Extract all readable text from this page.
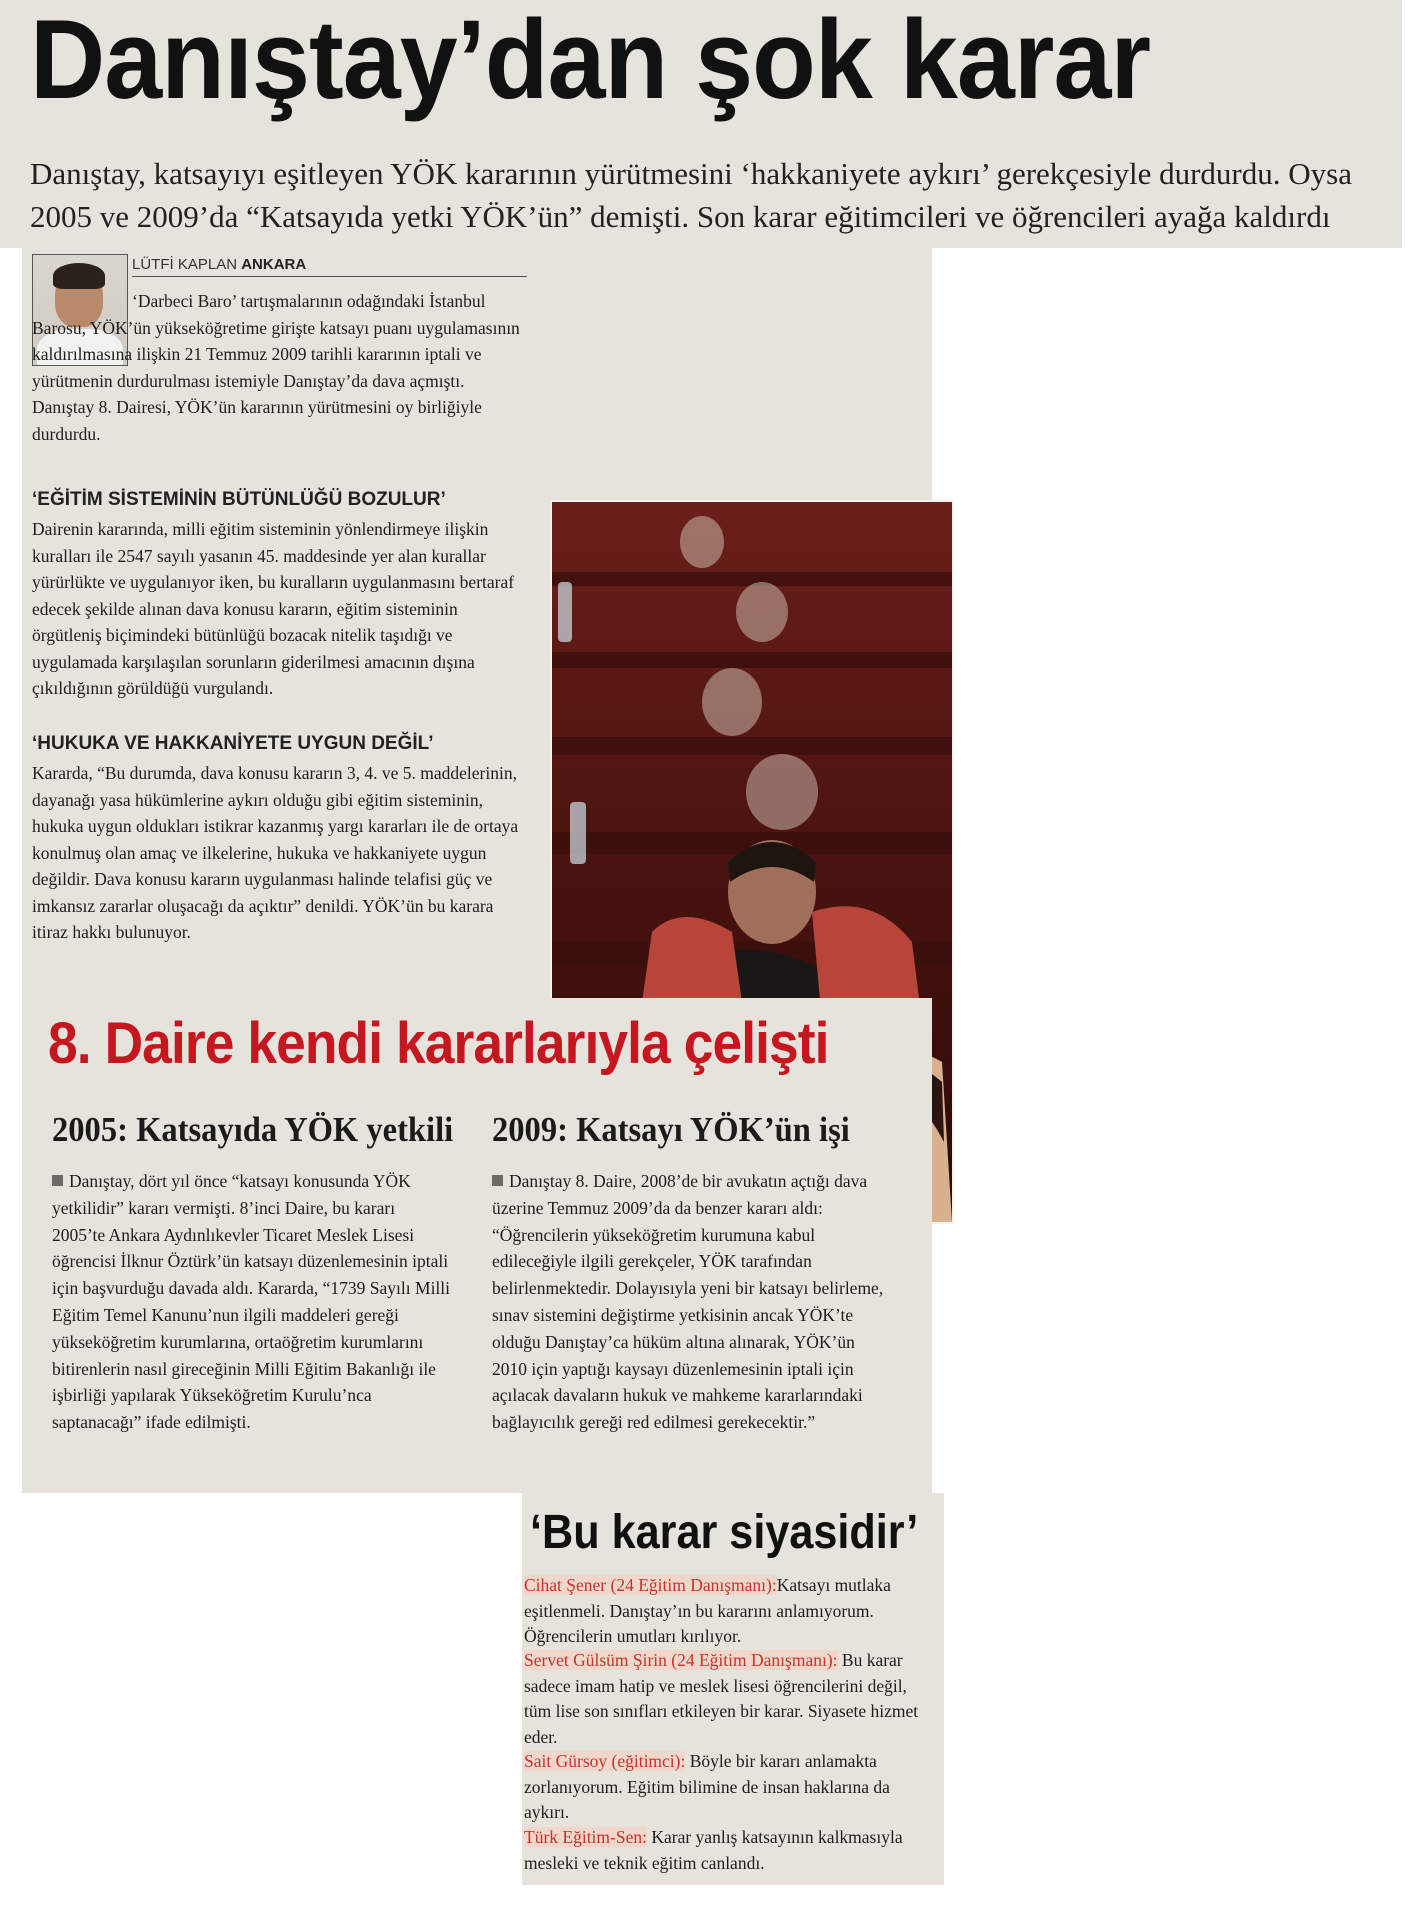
Danıştay’dan şok karar

Danıştay, katsayıyı eşitleyen YÖK kararının yürütmesini ‘hakkaniyete aykırı’ gerekçesiyle durdurdu. Oysa 2005 ve 2009’da “Katsayıda yetki YÖK’ün” demişti. Son karar eğitimcileri ve öğrencileri ayağa kaldırdı

LÜTFİ KAPLAN ANKARA

‘Darbeci Baro’ tartışmalarının odağındaki İstanbul Barosu, YÖK’ün yükseköğretime girişte katsayı puanı uygulamasının kaldırılmasına ilişkin 21 Temmuz 2009 tarihli kararının iptali ve yürütmenin durdurulması istemiyle Danıştay’da dava açmıştı. Danıştay 8. Dairesi, YÖK’ün kararının yürütmesini oy birliğiyle durdurdu.

‘EĞİTİM SİSTEMİNİN BÜTÜNLÜĞÜ BOZULUR’

Dairenin kararında, milli eğitim sisteminin yönlendirmeye ilişkin kuralları ile 2547 sayılı yasanın 45. maddesinde yer alan kurallar yürürlükte ve uygulanıyor iken, bu kuralların uygulanmasını bertaraf edecek şekilde alınan dava konusu kararın, eğitim sisteminin örgütleniş biçimindeki bütünlüğü bozacak nitelik taşıdığı ve uygulamada karşılaşılan sorunların giderilmesi amacının dışına çıkıldığının görüldüğü vurgulandı.

‘HUKUKA VE HAKKANİYETE UYGUN DEĞİL’

Kararda, “Bu durumda, dava konusu kararın 3, 4. ve 5. maddelerinin, dayanağı yasa hükümlerine aykırı olduğu gibi eğitim sisteminin, hukuka uygun oldukları istikrar kazanmış yargı kararları ile de ortaya konulmuş olan amaç ve ilkelerine, hukuka ve hakkaniyete uygun değildir. Dava konusu kararın uygulanması halinde telafisi güç ve imkansız zararlar oluşacağı da açıktır” denildi. YÖK’ün bu karara itiraz hakkı bulunuyor.

8. Daire kendi kararlarıyla çelişti
2005: Katsayıda YÖK yetkili 2009: Katsayı YÖK’ün işi

Danıştay, dört yıl önce “katsayı konusunda YÖK yetkilidir” kararı vermişti. 8’inci Daire, bu kararı 2005’te Ankara Aydınlıkevler Ticaret Meslek Lisesi öğrencisi İlknur Öztürk’ün katsayı düzenlemesinin iptali için başvurduğu davada aldı. Kararda, “1739 Sayılı Milli Eğitim Temel Kanunu’nun ilgili maddeleri gereği yükseköğretim kurumlarına, ortaöğretim kurumlarını bitirenlerin nasıl gireceğinin Milli Eğitim Bakanlığı ile işbirliği yapılarak Yükseköğretim Kurulu’nca saptanacağı” ifade edilmişti.

Danıştay 8. Daire, 2008’de bir avukatın açtığı dava üzerine Temmuz 2009’da da benzer kararı aldı: “Öğrencilerin yükseköğretim kurumuna kabul edileceğiyle ilgili gerekçeler, YÖK tarafından belirlenmektedir. Dolayısıyla yeni bir katsayı belirleme, sınav sistemini değiştirme yetkisinin ancak YÖK’te olduğu Danıştay’ca hüküm altına alınarak, YÖK’ün 2010 için yaptığı kaysayı düzenlemesinin iptali için açılacak davaların hukuk ve mahkeme kararlarındaki bağlayıcılık gereği red edilmesi gerekecektir.”

‘Bu karar siyasidir’

Cihat Şener (24 Eğitim Danışmanı):Katsayı mutlaka eşitlenmeli. Danıştay’ın bu kararını anlamıyorum. Öğrencilerin umutları kırılıyor.

Servet Gülsüm Şirin (24 Eğitim Danışmanı): Bu karar sadece imam hatip ve meslek lisesi öğrencilerini değil, tüm lise son sınıfları etkileyen bir karar. Siyasete hizmet eder.

Sait Gürsoy (eğitimci): Böyle bir kararı anlamakta zorlanıyorum. Eğitim bilimine de insan haklarına da aykırı.

Türk Eğitim-Sen: Karar yanlış katsayının kalkmasıyla mesleki ve teknik eğitim canlandı.
